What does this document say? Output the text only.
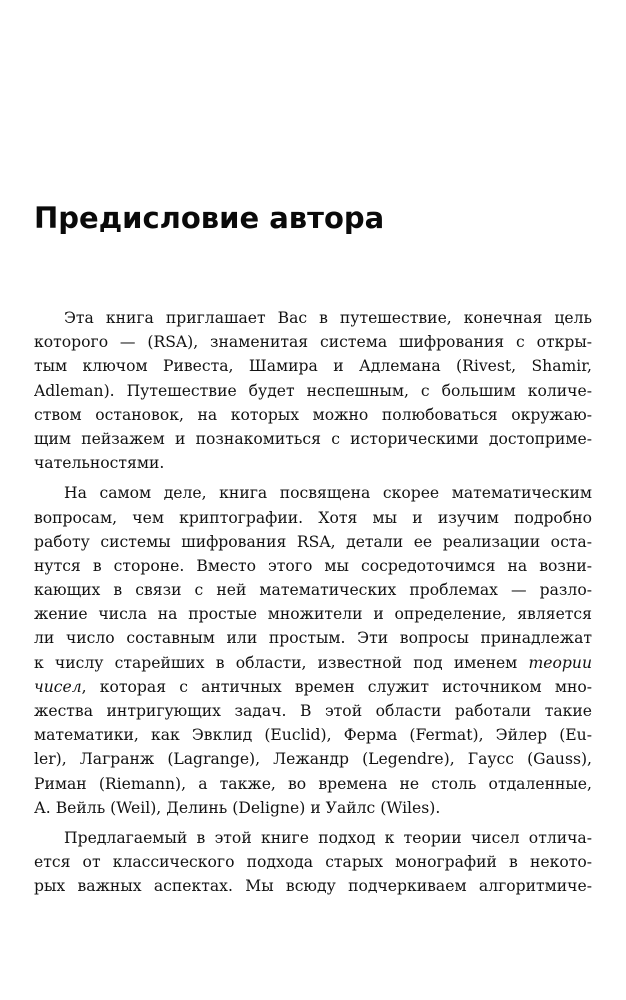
Предисловие автора
Эта книга приглашает Вас в путешествие, конечная цель
которого — (RSA), знаменитая система шифрования с откры-
тым ключом Ривеста, Шамира и Адлемана (Rivest, Shamir,
Adleman). Путешествие будет неспешным, с большим количе-
ством остановок, на которых можно полюбоваться окружаю-
щим пейзажем и познакомиться с историческими достоприме-
чательностями.
На самом деле, книга посвящена скорее математическим
вопросам, чем криптографии. Хотя мы и изучим подробно
работу системы шифрования RSA, детали ее реализации оста-
нутся в стороне. Вместо этого мы сосредоточимся на возни-
кающих в связи с ней математических проблемах — разло-
жение числа на простые множители и определение, является
ли число составным или простым. Эти вопросы принадлежат
к числу старейших в области, известной под именем теории
чисел, которая с античных времен служит источником мно-
жества интригующих задач. В этой области работали такие
математики, как Эвклид (Euclid), Ферма (Fermat), Эйлер (Eu-
ler), Лагранж (Lagrange), Лежандр (Legendre), Гаусс (Gauss),
Риман (Riemann), а также, во времена не столь отдаленные,
А. Вейль (Weil), Делинь (Deligne) и Уайлс (Wiles).
Предлагаемый в этой книге подход к теории чисел отлича-
ется от классического подхода старых монографий в некото-
рых важных аспектах. Мы всюду подчеркиваем алгоритмиче-
